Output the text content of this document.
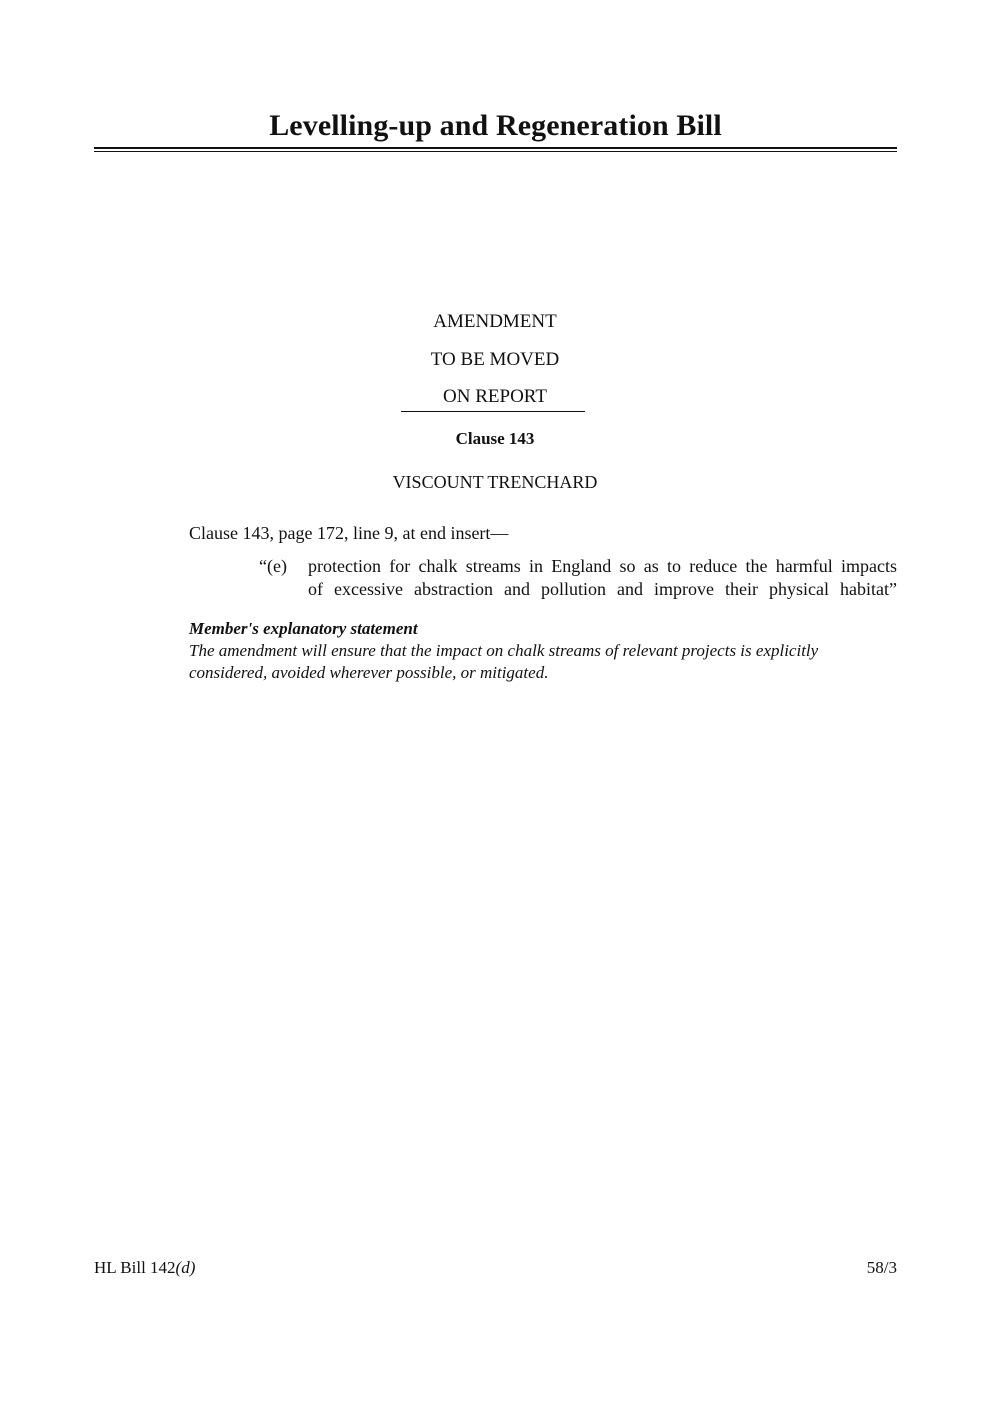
Levelling-up and Regeneration Bill
AMENDMENT
TO BE MOVED
ON REPORT
Clause 143
VISCOUNT TRENCHARD
Clause 143, page 172, line 9, at end insert—
“(e)	protection for chalk streams in England so as to reduce the harmful impacts
of excessive abstraction and pollution and improve their physical habitat”
Member's explanatory statement
The amendment will ensure that the impact on chalk streams of relevant projects is explicitly
considered, avoided wherever possible, or mitigated.
HL Bill 142(d)	58/3
